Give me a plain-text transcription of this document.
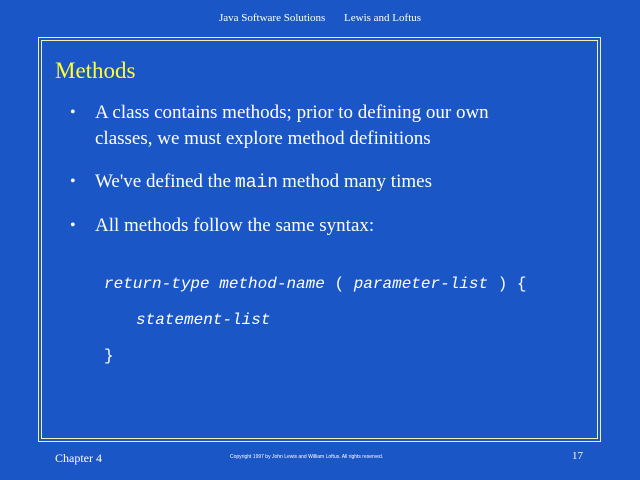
Java Software Solutions Lewis and Loftus
Methods
• A class contains methods; prior to defining our own
classes, we must explore method definitions
• We've defined the main method many times
• All methods follow the same syntax:
return-type method-name ( parameter-list ) {
statement-list
}
Chapter 4	Copyright 1997 by John Lewis and William Loftus. All rights reserved.	17
